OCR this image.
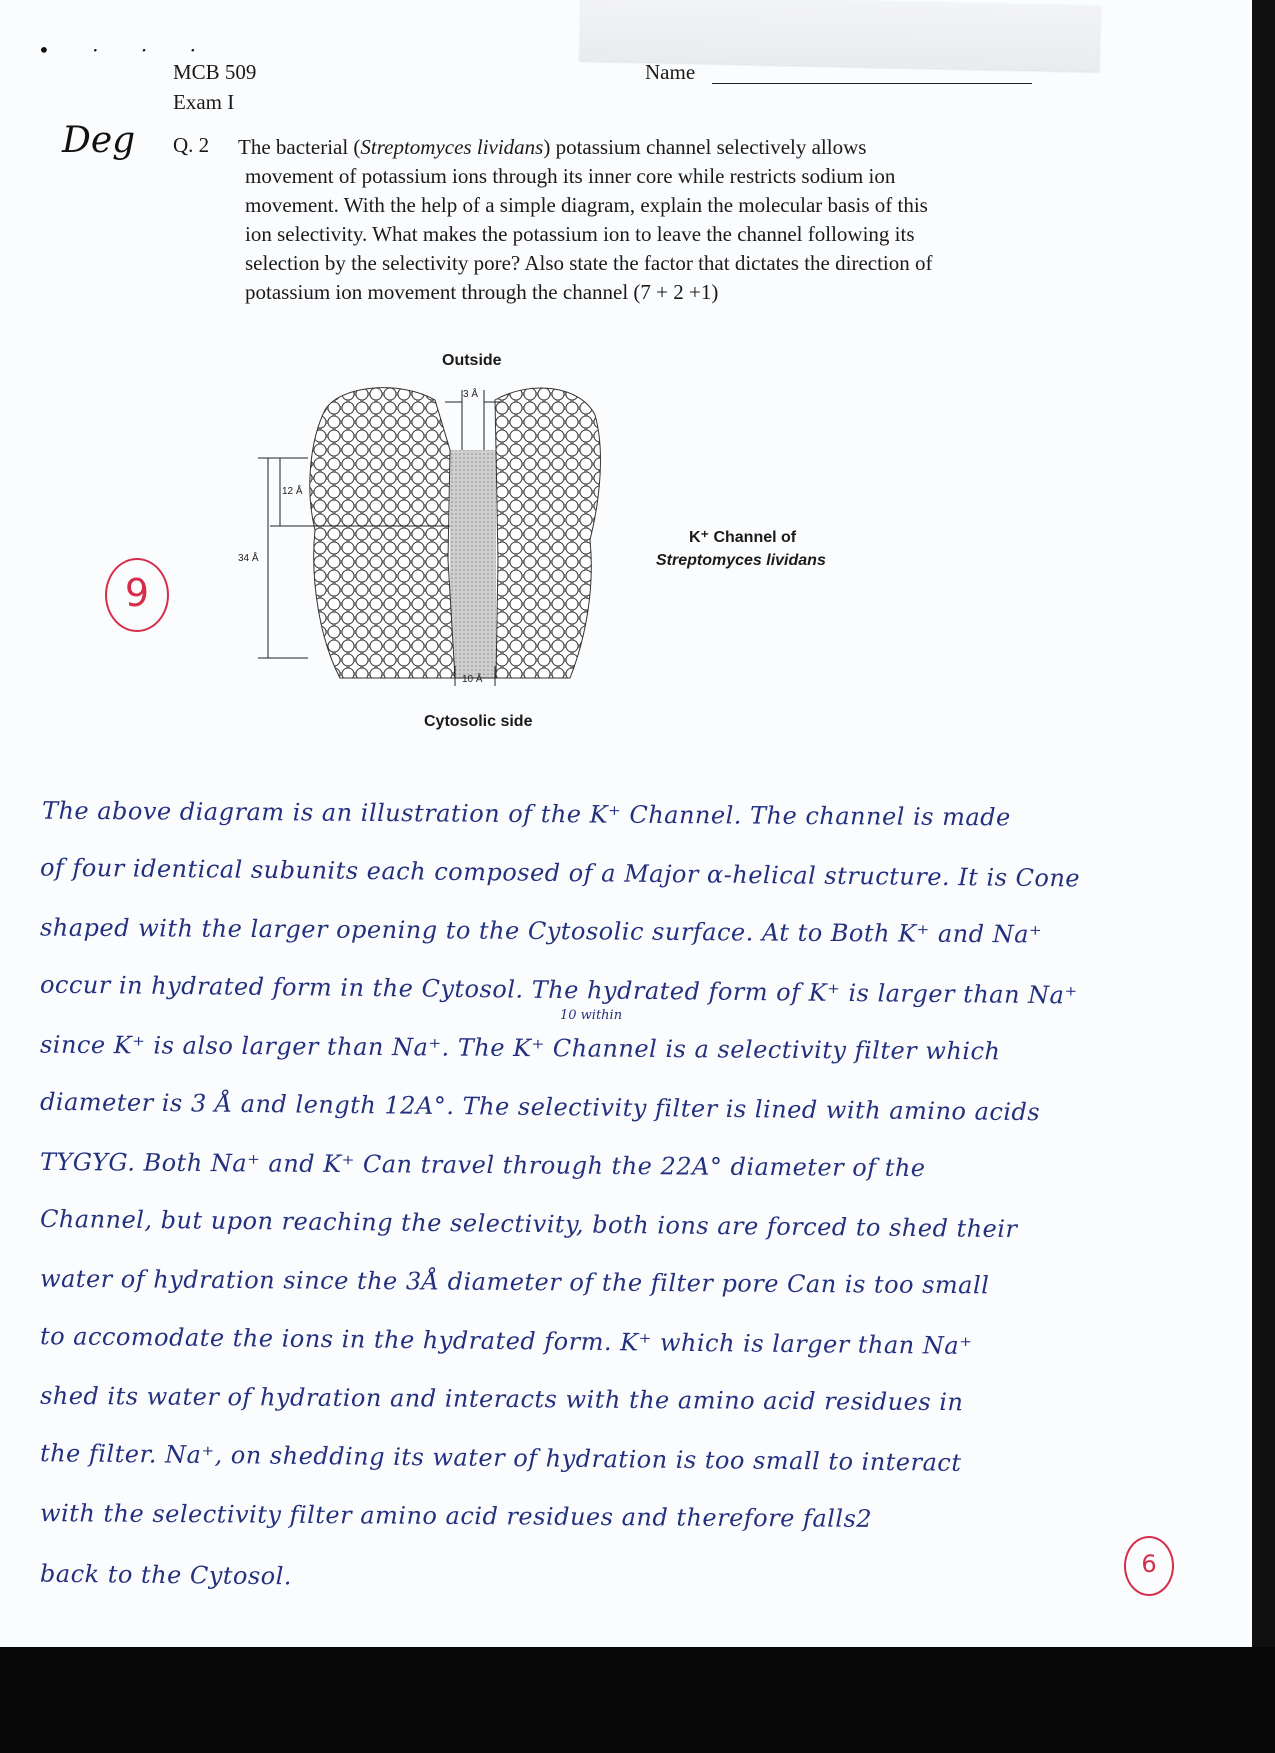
• · · ·
Deg
MCB 509
Exam I
Name
Q. 2 The bacterial (Streptomyces lividans) potassium channel selectively allows
movement of potassium ions through its inner core while restricts sodium ion
movement. With the help of a simple diagram, explain the molecular basis of this
ion selectivity. What makes the potassium ion to leave the channel following its
selection by the selectivity pore? Also state the factor that dictates the direction of
potassium ion movement through the channel (7 + 2 +1)
Outside
Cytosolic side
K⁺ Channel of
Streptomyces lividans
3 Å
34 Å
12 Å
10 Å
9
The above diagram is an illustration of the K⁺ Channel. The channel is made
of four identical subunits each composed of a Major α-helical structure. It is Cone
shaped with the larger opening to the Cytosolic surface. At to Both K⁺ and Na⁺
occur in hydrated form in the Cytosol. The hydrated form of K⁺ is larger than Na⁺
since K⁺ is also larger than Na⁺. The K⁺ Channel is a selectivity filter which
diameter is 3 Å and length 12A°. The selectivity filter is lined with amino acids
TYGYG. Both Na⁺ and K⁺ Can travel through the 22A° diameter of the
Channel, but upon reaching the selectivity, both ions are forced to shed their
water of hydration since the 3Å diameter of the filter pore Can is too small
to accomodate the ions in the hydrated form. K⁺ which is larger than Na⁺
shed its water of hydration and interacts with the amino acid residues in
the filter. Na⁺, on shedding its water of hydration is too small to interact
with the selectivity filter amino acid residues and therefore falls2
back to the Cytosol.
10 within
6
